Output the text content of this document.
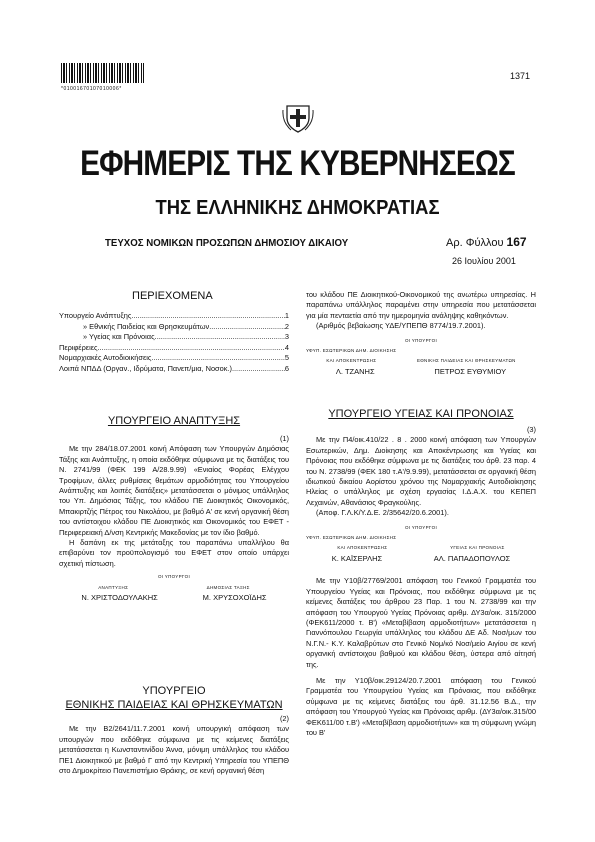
*01001670107010006*
1371
ΕΦΗΜΕΡΙΣ ΤΗΣ ΚΥΒΕΡΝΗΣΕΩΣ
ΤΗΣ ΕΛΛΗΝΙΚΗΣ ΔΗΜΟΚΡΑΤΙΑΣ
ΤΕΥΧΟΣ ΝΟΜΙΚΩΝ ΠΡΟΣΩΠΩΝ ΔΗΜΟΣΙΟΥ ΔΙΚΑΙΟΥ	Αρ. Φύλλου 167
26 Ιουλίου 2001
ΠΕΡΙΕΧΟΜΕΝΑ
Υπουργείο Ανάπτυξης .....	1
» Εθνικής Παιδείας και Θρησκευμάτων .....	2
» Υγείας και Πρόνοιας .....	3
Περιφέρειες .....	4
Νομαρχιακές Αυτοδιοικήσεις .....	5
Λοιπά ΝΠΔΔ (Οργαν., Ιδρύματα, Πανεπ/μια, Νοσοκ.) .....	6
ΥΠΟΥΡΓΕΙΟ ΑΝΑΠΤΥΞΗΣ
(1)

Με την 284/18.07.2001 κοινή Απόφαση των Υπουργών Δημόσιας Τάξης και Ανάπτυξης, η οποία εκδόθηκε σύμφωνα με τις διατάξεις του Ν. 2741/99 (ΦΕΚ 199 Α/28.9.99) «Ενιαίος Φορέας Ελέγχου Τροφίμων, άλλες ρυθμίσεις θεμάτων αρμοδιότητας του Υπουργείου Ανάπτυξης και λοιπές διατάξεις» μετατάσσεται ο μόνιμος υπάλληλος του Υπ. Δημόσιας Τάξης, του κλάδου ΠΕ Διοικητικός Οικονομικός, Μπακιρτζής Πέτρος του Νικολάου, με βαθμό Α' σε κενή οργανική θέση του αντίστοιχου κλάδου ΠΕ Διοικητικός και Οικονομικός του ΕΦΕΤ - Περιφερειακή Δ/νση Κεντρικής Μακεδονίας με τον ίδιο βαθμό.

Η δαπάνη εκ της μετάταξης του παραπάνω υπαλλήλου θα επιβαρύνει τον προϋπολογισμό του ΕΦΕΤ στον οποίο υπάρχει σχετική πίστωση.

ΟΙ ΥΠΟΥΡΓΟΙ
ΑΝΑΠΤΥΞΗΣ	ΔΗΜΟΣΙΑΣ ΤΑΞΗΣ
Ν. ΧΡΙΣΤΟΔΟΥΛΑΚΗΣ	Μ. ΧΡΥΣΟΧΟΪΔΗΣ
ΥΠΟΥΡΓΕΙΟ
ΕΘΝΙΚΗΣ ΠΑΙΔΕΙΑΣ ΚΑΙ ΘΡΗΣΚΕΥΜΑΤΩΝ
(2)

Με την Β2/2641/11.7.2001 κοινή υπουργική απόφαση των υπουργών που εκδόθηκε σύμφωνα με τις κείμενες διατάξεις μετατάσσεται η Κωνσταντινίδου Άννα, μόνιμη υπάλληλος του κλάδου ΠΕ1 Διοικητικού με βαθμό Γ από την Κεντρική Υπηρεσία του ΥΠΕΠΘ στο Δημοκρίτειο Πανεπιστήμιο Θράκης, σε κενή οργανική θέση

του κλάδου ΠΕ Διοικητικού-Οικονομικού της ανωτέρω υπηρεσίας. Η παραπάνω υπάλληλος παραμένει στην υπηρεσία που μετατάσσεται για μία πενταετία από την ημερομηνία ανάληψης καθηκόντων.

(Αριθμός βεβαίωσης ΥΔΕ/ΥΠΕΠΘ 8774/19.7.2001).

ΟΙ ΥΠΟΥΡΓΟΙ
ΥΦΥΠ. ΕΣΩΤΕΡΙΚΩΝ ΔΗΜ. ΔΙΟΙΚΗΣΗΣ
ΚΑΙ ΑΠΟΚΕΝΤΡΩΣΗΣ	ΕΘΝΙΚΗΣ ΠΑΙΔΕΙΑΣ ΚΑΙ ΘΡΗΣΚΕΥΜΑΤΩΝ
Λ. ΤΖΑΝΗΣ	ΠΕΤΡΟΣ ΕΥΘΥΜΙΟΥ
ΥΠΟΥΡΓΕΙΟ ΥΓΕΙΑΣ ΚΑΙ ΠΡΟΝΟΙΑΣ
(3)

Με την Π4/οικ.410/22 . 8 . 2000 κοινή απόφαση των Υπουργών Εσωτερικών, Δημ. Διοίκησης και Αποκέντρωσης και Υγείας και Πρόνοιας που εκδόθηκε σύμφωνα με τις διατάξεις του άρθ. 23 παρ. 4 του Ν. 2738/99 (ΦΕΚ 180 τ.Α'/9.9.99), μετατάσσεται σε οργανική θέση ιδιωτικού δικαίου Αορίστου χρόνου της Νομαρχιακής Αυτοδιοίκησης Ηλείας ο υπάλληλος με σχέση εργασίας Ι.Δ.Α.Χ. του ΚΕΠΕΠ Λεχαινών, Αθανάσιος Φραγκούλης.

(Αποφ. Γ.Λ.Κ/Υ.Δ.Ε. 2/35642/20.6.2001).

ΟΙ ΥΠΟΥΡΓΟΙ
ΥΦΥΠ. ΕΣΩΤΕΡΙΚΩΝ ΔΗΜ. ΔΙΟΙΚΗΣΗΣ
ΚΑΙ ΑΠΟΚΕΝΤΡΩΣΗΣ	ΥΓΕΙΑΣ ΚΑΙ ΠΡΟΝΟΙΑΣ
Κ. ΚΑΪΣΕΡΛΗΣ	ΑΛ. ΠΑΠΑΔΟΠΟΥΛΟΣ

Με την Υ10β/27769/2001 απόφαση του Γενικού Γραμματέα του Υπουργείου Υγείας και Πρόνοιας, που εκδόθηκε σύμφωνα με τις κείμενες διατάξεις του άρθρου 23 Παρ. 1 του Ν. 2738/99 και την απόφαση του Υπουργού Υγείας Πρόνοιας αριθμ. ΔΥ3α/οικ. 315/2000 (ΦΕΚ611/2000 τ. Β') «Μεταβίβαση αρμοδιοτήτων» μετατάσσεται η Γιαννόπουλου Γεωργία υπάλληλος του κλάδου ΔΕ Αδ. Νοσ/μων του Ν.Γ.Ν.- Κ.Υ. Καλαβρύτων στο Γενικό Νομ/κό Νοσ/μείο Αιγίου σε κενή οργανική αντίστοιχου βαθμού και κλάδου θέση, ύστερα από αίτησή της.

Με την Υ10β/οικ.29124/20.7.2001 απόφαση του Γενικού Γραμματέα του Υπουργείου Υγείας και Πρόνοιας, που εκδόθηκε σύμφωνα με τις κείμενες διατάξεις του άρθ. 31.12.56 Β.Δ., την απόφαση του Υπουργού Υγείας και Πρόνοιας αριθμ. (ΔΥ3α/οικ.315/00 ΦΕΚ611/00 τ.Β') «Μεταβίβαση αρμοδιοτήτων» και τη σύμφωνη γνώμη του Β'
